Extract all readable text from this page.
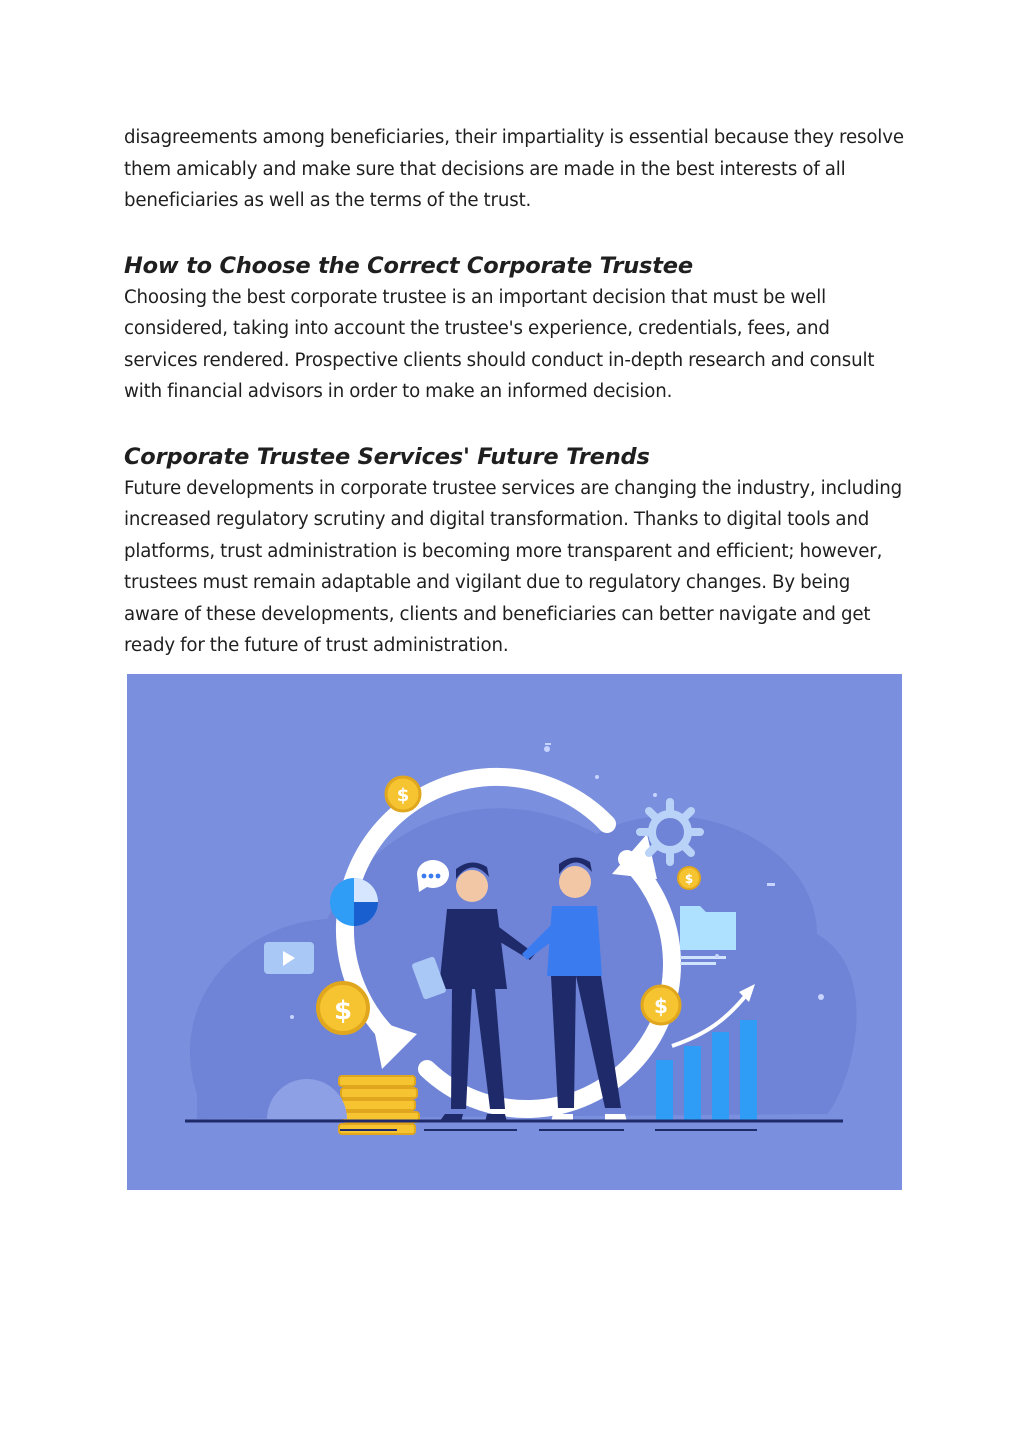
disagreements among beneficiaries, their impartiality is essential because they resolve them amicably and make sure that decisions are made in the best interests of all beneficiaries as well as the terms of the trust.

How to Choose the Correct Corporate Trustee

Choosing the best corporate trustee is an important decision that must be well considered, taking into account the trustee's experience, credentials, fees, and services rendered. Prospective clients should conduct in-depth research and consult with financial advisors in order to make an informed decision.

Corporate Trustee Services' Future Trends

Future developments in corporate trustee services are changing the industry, including increased regulatory scrutiny and digital transformation. Thanks to digital tools and platforms, trust administration is becoming more transparent and efficient; however, trustees must remain adaptable and vigilant due to regulatory changes. By being aware of these developments, clients and beneficiaries can better navigate and get ready for the future of trust administration.

$
$	$
$
